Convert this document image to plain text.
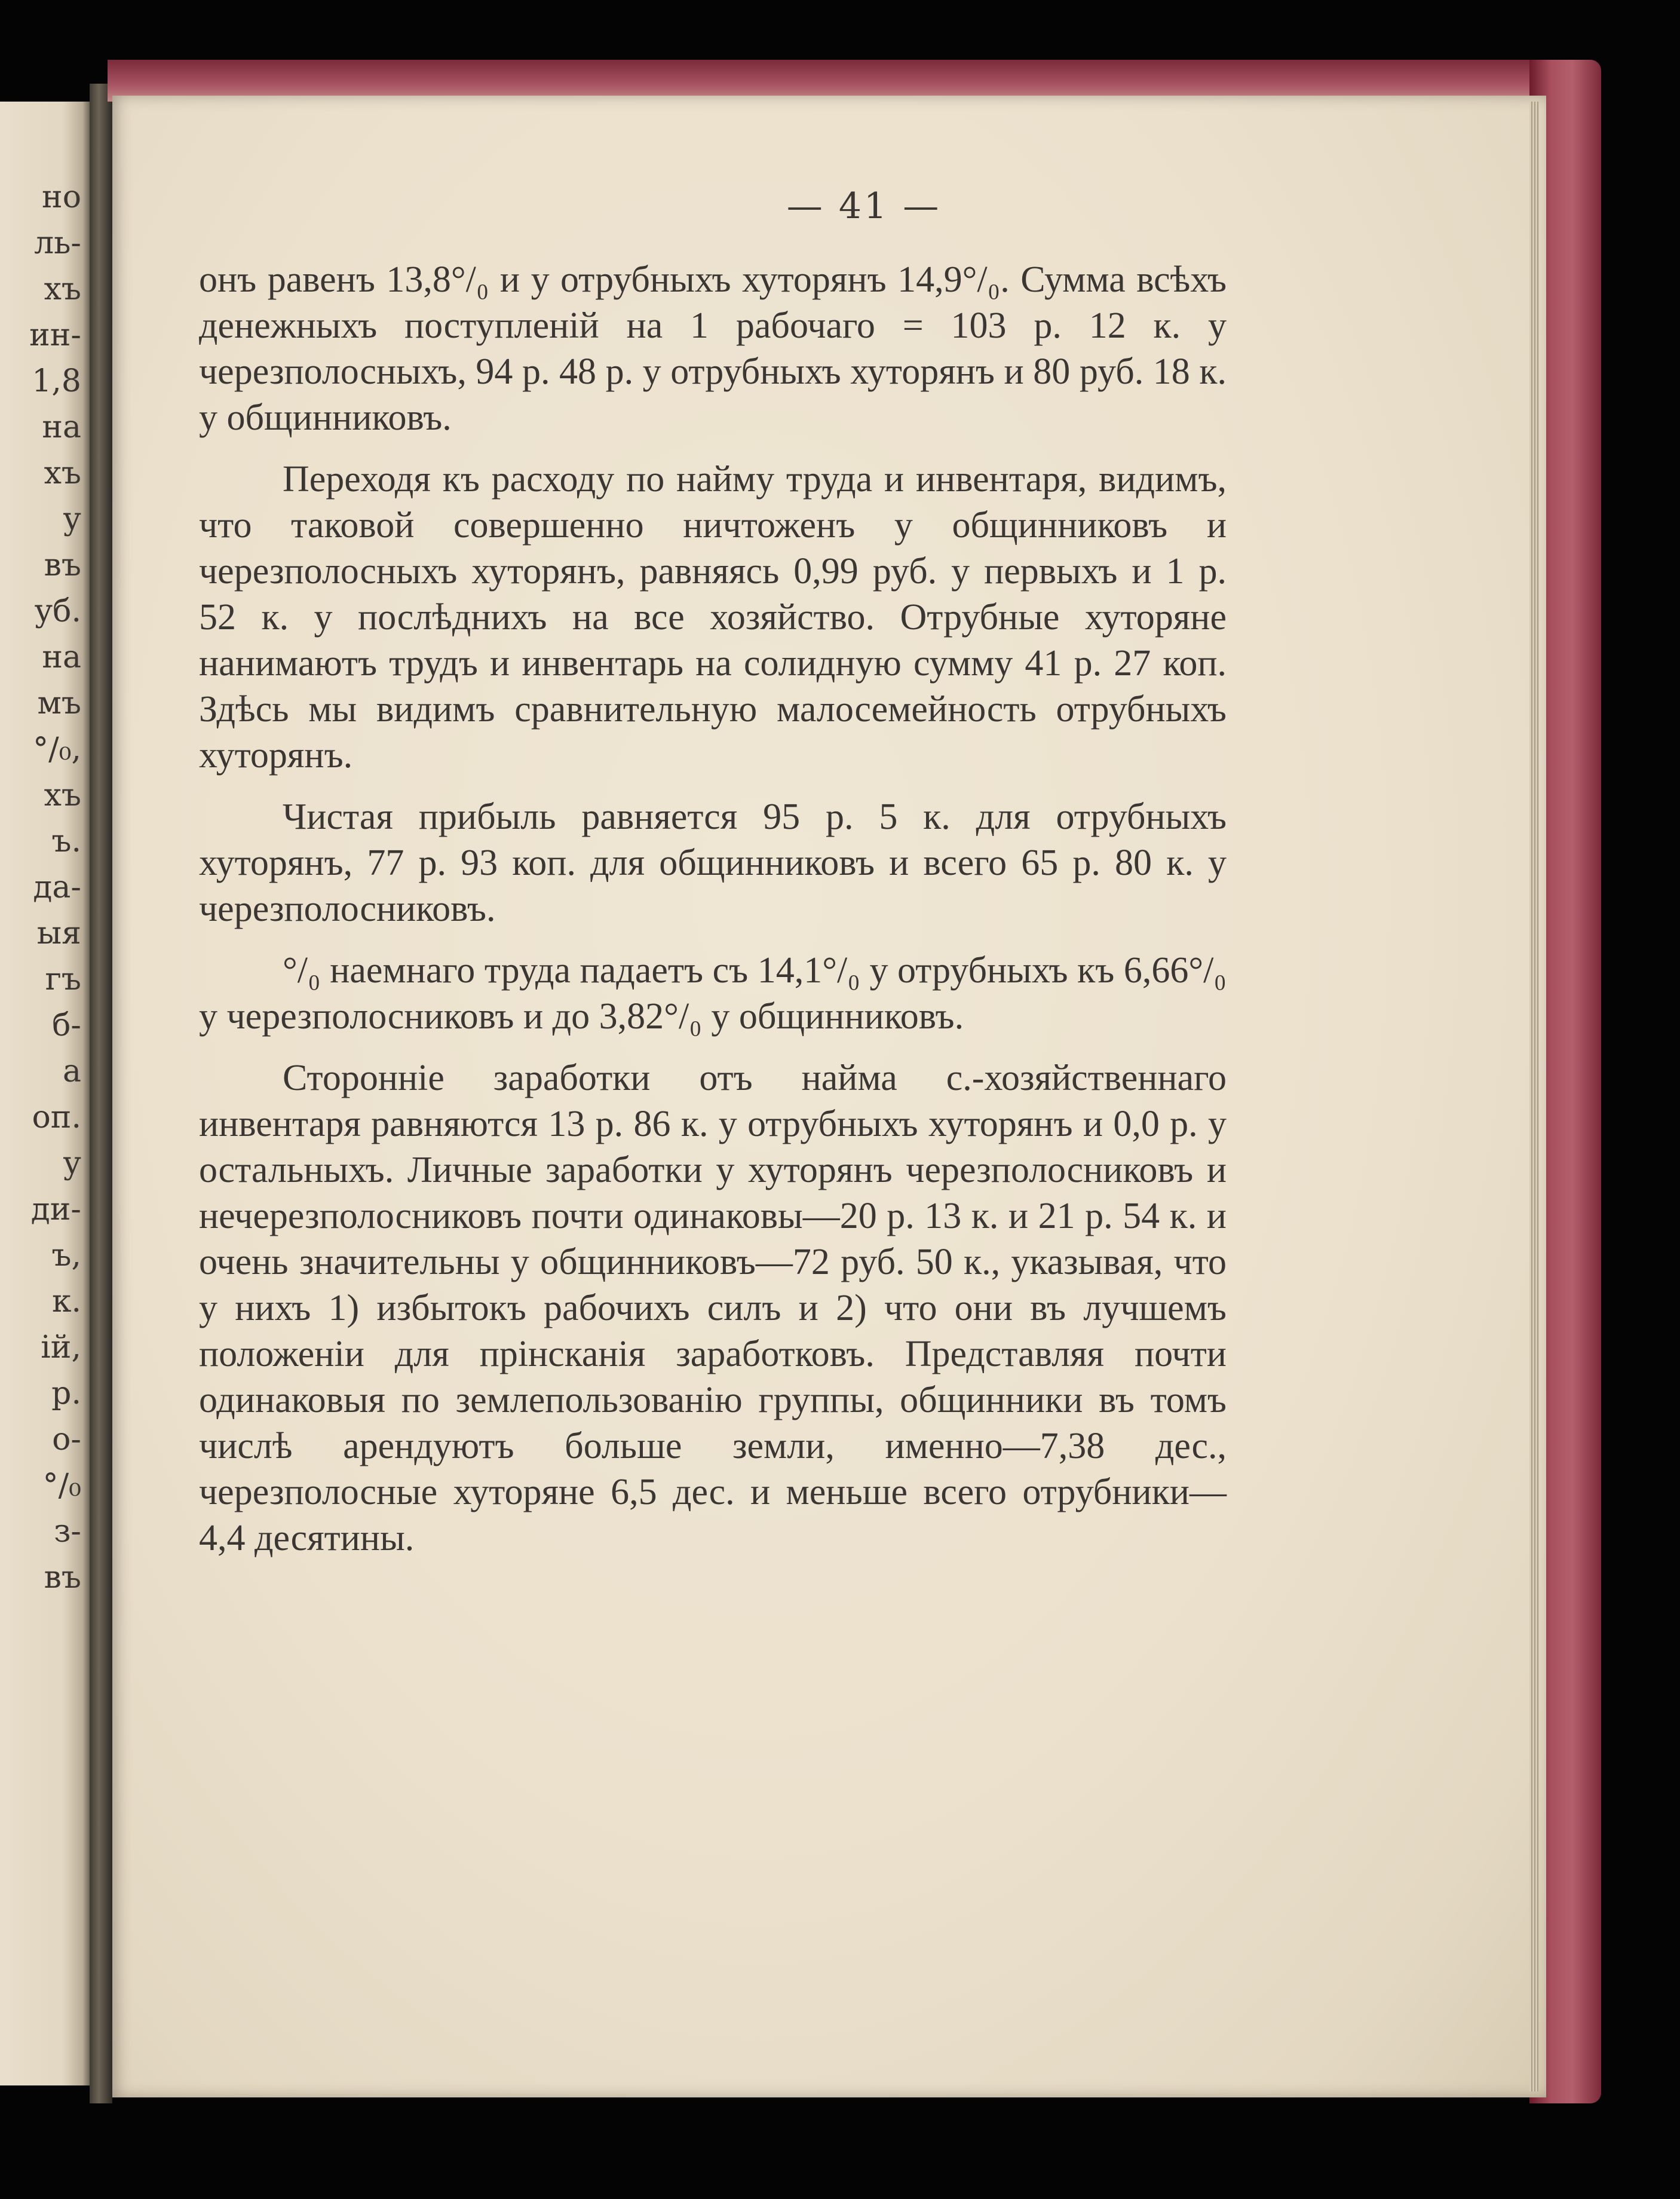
но
ль-
хъ
ин-
1,8
на
хъ
у
въ
уб.
на
мъ
°/₀,
хъ
ъ.
да-
ыя
гъ
б-
а
оп.
у
ди-
ъ,
к.
ій,
р.
о-
°/₀
з-
въ
— 41 —

онъ равенъ 13,8°/₀ и у отрубныхъ хуторянъ 14,9°/₀. Сумма всѣхъ денежныхъ поступленій на 1 рабочаго = 103 р. 12 к. у черезполосныхъ, 94 р. 48 р. у отрубныхъ хуторянъ и 80 руб. 18 к. у общинниковъ.

Переходя къ расходу по найму труда и инвентаря, видимъ, что таковой совершенно ничтоженъ у общинниковъ и черезполосныхъ хуторянъ, равняясь 0,99 руб. у первыхъ и 1 р. 52 к. у послѣднихъ на все хозяйство. Отрубные хуторяне нанимаютъ трудъ и инвентарь на солидную сумму 41 р. 27 коп. Здѣсь мы видимъ сравнительную малосемейность отрубныхъ хуторянъ.

Чистая прибыль равняется 95 р. 5 к. для отрубныхъ хуторянъ, 77 р. 93 коп. для общинниковъ и всего 65 р. 80 к. у черезполосниковъ.

°/₀ наемнаго труда падаетъ съ 14,1°/₀ у отрубныхъ къ 6,66°/₀ у черезполосниковъ и до 3,82°/₀ у общинниковъ.

Сторонніе заработки отъ найма с.-хозяйственнаго инвентаря равняются 13 р. 86 к. у отрубныхъ хуторянъ и 0,0 р. у остальныхъ. Личные заработки у хуторянъ черезполосниковъ и нечерезполосниковъ почти одинаковы—20 р. 13 к. и 21 р. 54 к. и очень значительны у общинниковъ—72 руб. 50 к., указывая, что у нихъ 1) избытокъ рабочихъ силъ и 2) что они въ лучшемъ положеніи для прінсканія заработковъ. Представляя почти одинаковыя по землепользованію группы, общинники въ томъ числѣ арендуютъ больше земли, именно—7,38 дес., черезполосные хуторяне 6,5 дес. и меньше всего отрубники—4,4 десятины.
